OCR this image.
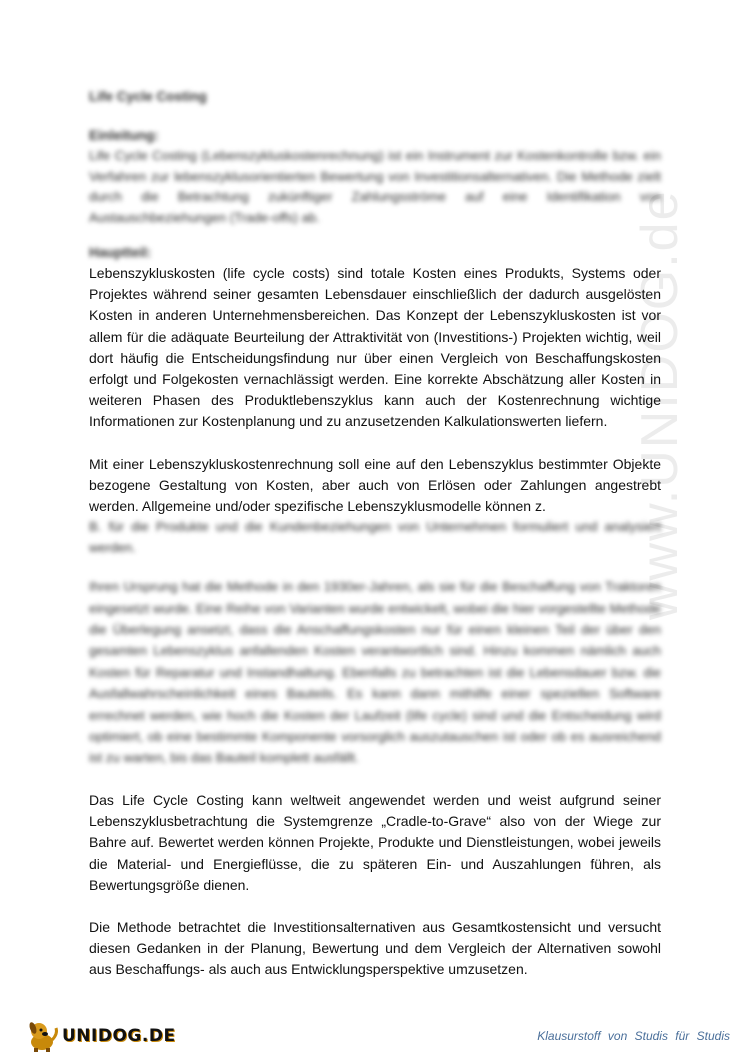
www.UNIDOG.de
Life Cycle Costing
Einleitung:

Life Cycle Costing (Lebenszykluskostenrechnung) ist ein Instrument zur Kostenkontrolle bzw. ein Verfahren zur lebenszyklusorientierten Bewertung von Investitionsalternativen. Die Methode zielt durch die Betrachtung zukünftiger Zahlungsströme auf eine Identifikation von Austauschbeziehungen (Trade-offs) ab.

Hauptteil:

Lebenszykluskosten (life cycle costs) sind totale Kosten eines Produkts, Systems oder Projektes während seiner gesamten Lebensdauer einschließlich der dadurch ausgelösten Kosten in anderen Unternehmensbereichen. Das Konzept der Lebenszykluskosten ist vor allem für die adäquate Beurteilung der Attraktivität von (Investitions-) Projekten wichtig, weil dort häufig die Entscheidungsfindung nur über einen Vergleich von Beschaffungskosten erfolgt und Folgekosten vernachlässigt werden. Eine korrekte Abschätzung aller Kosten in weiteren Phasen des Produktlebenszyklus kann auch der Kostenrechnung wichtige Informationen zur Kostenplanung und zu anzusetzenden Kalkulationswerten liefern.

Mit einer Lebenszykluskostenrechnung soll eine auf den Lebenszyklus bestimmter Objekte bezogene Gestaltung von Kosten, aber auch von Erlösen oder Zahlungen angestrebt werden. Allgemeine und/oder spezifische Lebenszyklusmodelle können z.

B. für die Produkte und die Kundenbeziehungen von Unternehmen formuliert und analysiert werden.

Ihren Ursprung hat die Methode in den 1930er-Jahren, als sie für die Beschaffung von Traktoren eingesetzt wurde. Eine Reihe von Varianten wurde entwickelt, wobei die hier vorgestellte Methode die Überlegung ansetzt, dass die Anschaffungskosten nur für einen kleinen Teil der über den gesamten Lebenszyklus anfallenden Kosten verantwortlich sind. Hinzu kommen nämlich auch Kosten für Reparatur und Instandhaltung. Ebenfalls zu betrachten ist die Lebensdauer bzw. die Ausfallwahrscheinlichkeit eines Bauteils. Es kann dann mithilfe einer speziellen Software errechnet werden, wie hoch die Kosten der Laufzeit (life cycle) sind und die Entscheidung wird optimiert, ob eine bestimmte Komponente vorsorglich auszutauschen ist oder ob es ausreichend ist zu warten, bis das Bauteil komplett ausfällt.

Das Life Cycle Costing kann weltweit angewendet werden und weist aufgrund seiner Lebenszyklusbetrachtung die Systemgrenze „Cradle-to-Grave“ also von der Wiege zur Bahre auf. Bewertet werden können Projekte, Produkte und Dienstleistungen, wobei jeweils die Material- und Energieflüsse, die zu späteren Ein- und Auszahlungen führen, als Bewertungsgröße dienen.

Die Methode betrachtet die Investitionsalternativen aus Gesamtkostensicht und versucht diesen Gedanken in der Planung, Bewertung und dem Vergleich der Alternativen sowohl aus Beschaffungs- als auch aus Entwicklungsperspektive umzusetzen.

UNIDOG.DE	Klausurstoff von Studis für Studis
